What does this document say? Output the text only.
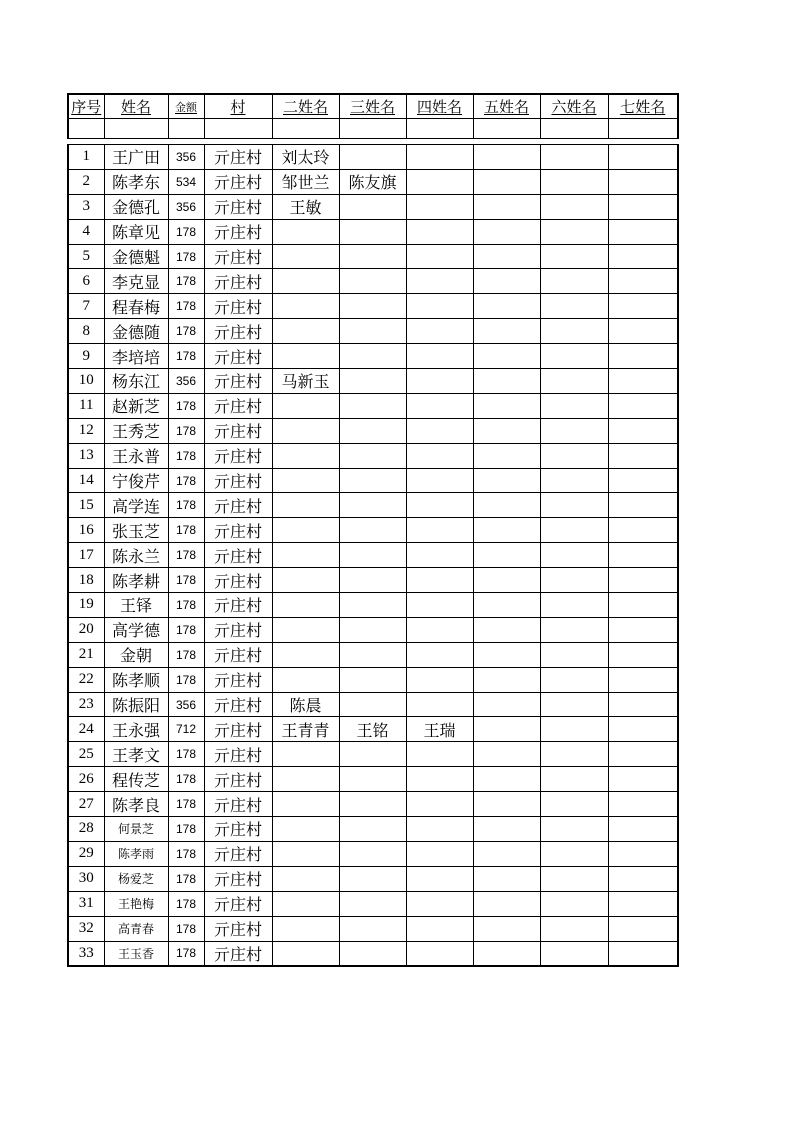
序号	姓名	金额	村	二姓名	三姓名	四姓名	五姓名	六姓名	七姓名

1	王广田	356	亓庄村	刘太玲					
2	陈孝东	534	亓庄村	邹世兰	陈友旗				
3	金德孔	356	亓庄村	王敏					
4	陈章见	178	亓庄村						
5	金德魁	178	亓庄村						
6	李克显	178	亓庄村						
7	程春梅	178	亓庄村						
8	金德随	178	亓庄村						
9	李培培	178	亓庄村						
10	杨东江	356	亓庄村	马新玉					
11	赵新芝	178	亓庄村						
12	王秀芝	178	亓庄村						
13	王永普	178	亓庄村						
14	宁俊芹	178	亓庄村						
15	高学连	178	亓庄村						
16	张玉芝	178	亓庄村						
17	陈永兰	178	亓庄村						
18	陈孝耕	178	亓庄村						
19	王铎	178	亓庄村						
20	高学德	178	亓庄村						
21	金朝	178	亓庄村						
22	陈孝顺	178	亓庄村						
23	陈振阳	356	亓庄村	陈晨					
24	王永强	712	亓庄村	王青青	王铭	王瑞			
25	王孝文	178	亓庄村						
26	程传芝	178	亓庄村						
27	陈孝良	178	亓庄村						
28	何景芝	178	亓庄村						
29	陈孝雨	178	亓庄村						
30	杨爱芝	178	亓庄村						
31	王艳梅	178	亓庄村						
32	高青春	178	亓庄村						
33	王玉香	178	亓庄村						
